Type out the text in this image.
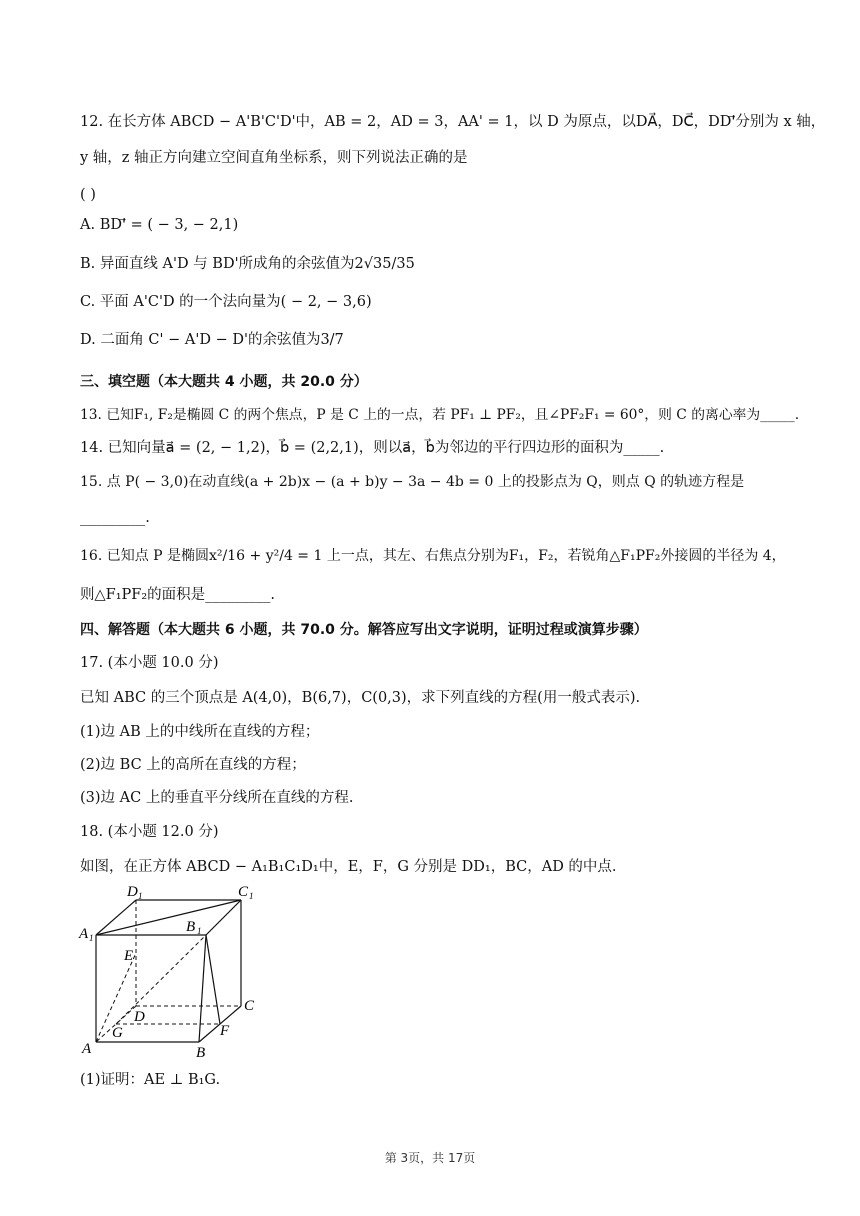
12. 在长方体 ABCD − A'B'C'D'中，AB = 2，AD = 3，AA' = 1，以 D 为原点，以DA⃗，DC⃗，DD'⃗分别为 x 轴，
y 轴，z 轴正方向建立空间直角坐标系，则下列说法正确的是
( )
A. BD'⃗ = ( − 3, − 2,1)
B. 异面直线 A'D 与 BD'所成角的余弦值为2√35/35
C. 平面 A'C'D 的一个法向量为( − 2, − 3,6)
D. 二面角 C' − A'D − D'的余弦值为3/7
三、填空题（本大题共 4 小题，共 20.0 分）
13. 已知F₁, F₂是椭圆 C 的两个焦点，P 是 C 上的一点，若 PF₁ ⊥ PF₂，且∠PF₂F₁ = 60°，则 C 的离心率为_____.
14. 已知向量a⃗ = (2, − 1,2)，b⃗ = (2,2,1)，则以a⃗，b⃗为邻边的平行四边形的面积为_____.
15. 点 P( − 3,0)在动直线(a + 2b)x − (a + b)y − 3a − 4b = 0 上的投影点为 Q，则点 Q 的轨迹方程是
_________.
16. 已知点 P 是椭圆x²/16 + y²/4 = 1 上一点，其左、右焦点分别为F₁，F₂，若锐角△F₁PF₂外接圆的半径为 4，
则△F₁PF₂的面积是_________.
四、解答题（本大题共 6 小题，共 70.0 分。解答应写出文字说明，证明过程或演算步骤）
17. (本小题 10.0 分)
已知 ABC 的三个顶点是 A(4,0)，B(6,7)，C(0,3)，求下列直线的方程(用一般式表示).
(1)边 AB 上的中线所在直线的方程；
(2)边 BC 上的高所在直线的方程；
(3)边 AC 上的垂直平分线所在直线的方程.
18. (本小题 12.0 分)
如图，在正方体 ABCD − A₁B₁C₁D₁中，E，F，G 分别是 DD₁，BC，AD 的中点.
D 1	C 1
A 1
B 1
E
D
C
G	F
A	B
(1)证明：AE ⊥ B₁G.
第 3页，共 17页
